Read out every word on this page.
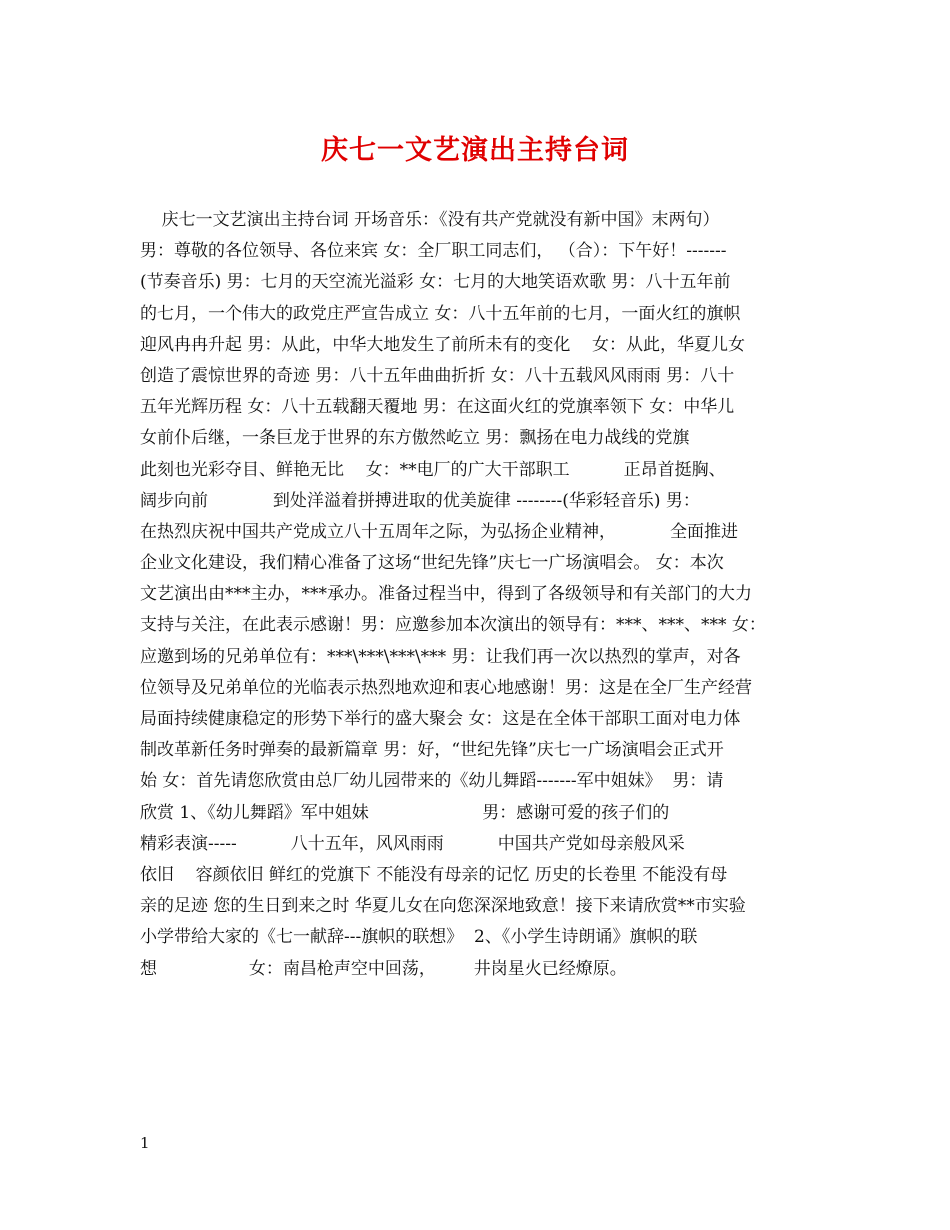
庆七一文艺演出主持台词
庆七一文艺演出主持台词 开场音乐：《没有共产党就没有新中国》末两句）
男：尊敬的各位领导、各位来宾 女：全厂职工同志们， （合）：下午好！-------
(节奏音乐) 男：七月的天空流光溢彩 女：七月的大地笑语欢歌 男：八十五年前
的七月，一个伟大的政党庄严宣告成立 女：八十五年前的七月，一面火红的旗帜
迎风冉冉升起 男：从此，中华大地发生了前所未有的变化    女：从此，华夏儿女
创造了震惊世界的奇迹 男：八十五年曲曲折折 女：八十五载风风雨雨 男：八十
五年光辉历程 女：八十五载翻天覆地 男：在这面火红的党旗率领下 女：中华儿
女前仆后继，一条巨龙于世界的东方傲然屹立 男：飘扬在电力战线的党旗
此刻也光彩夺目、鲜艳无比    女：**电厂的广大干部职工          正昂首挺胸、
阔步向前            到处洋溢着拼搏进取的优美旋律 --------(华彩轻音乐) 男：
在热烈庆祝中国共产党成立八十五周年之际，为弘扬企业精神，          全面推进
企业文化建设，我们精心准备了这场“世纪先锋”庆七一广场演唱会。 女：本次
文艺演出由***主办，***承办。准备过程当中，得到了各级领导和有关部门的大力
支持与关注，在此表示感谢！男：应邀参加本次演出的领导有：***、***、*** 女：
应邀到场的兄弟单位有：***\***\***\*** 男：让我们再一次以热烈的掌声，对各
位领导及兄弟单位的光临表示热烈地欢迎和衷心地感谢！男：这是在全厂生产经营
局面持续健康稳定的形势下举行的盛大聚会 女：这是在全体干部职工面对电力体
制改革新任务时弹奏的最新篇章 男：好，“世纪先锋”庆七一广场演唱会正式开
始 女：首先请您欣赏由总厂幼儿园带来的《幼儿舞蹈-------军中姐妹》  男：请
欣赏 1、《幼儿舞蹈》军中姐妹                     男：感谢可爱的孩子们的
精彩表演-----          八十五年，风风雨雨          中国共产党如母亲般风采
依旧    容颜依旧 鲜红的党旗下 不能没有母亲的记忆 历史的长卷里 不能没有母
亲的足迹 您的生日到来之时 华夏儿女在向您深深地致意！接下来请欣赏**市实验
小学带给大家的《七一献辞---旗帜的联想》  2、《小学生诗朗诵》旗帜的联
想                 女：南昌枪声空中回荡，       井岗星火已经燎原。
1
